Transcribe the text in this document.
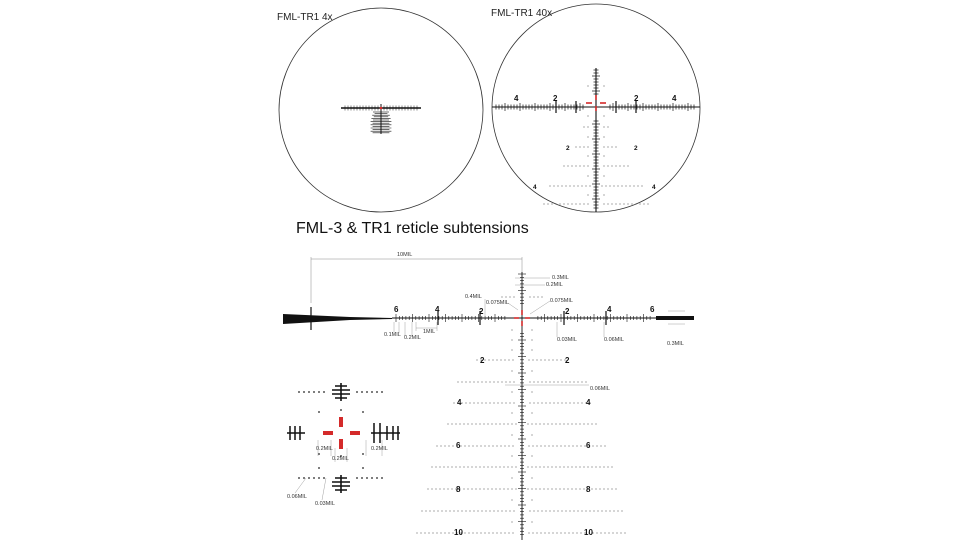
FML-TR1 4x	FML-TR1 40x
FML-3 & TR1 reticle subtensions
4	2	2	4
2	2
4	4
10MIL
6	4	2	2	4	6
2	2
4	4
6	6
8	8
10	10
0.3MIL
0.2MIL
0.4MIL
0.075MIL	0.075MIL
0.1MIL 0.2MIL
1MIL
0.03MIL	0.06MIL
0.3MIL
0.06MIL
0.2MIL	0.2MIL
0.2MIL
0.06MIL
0.03MIL
